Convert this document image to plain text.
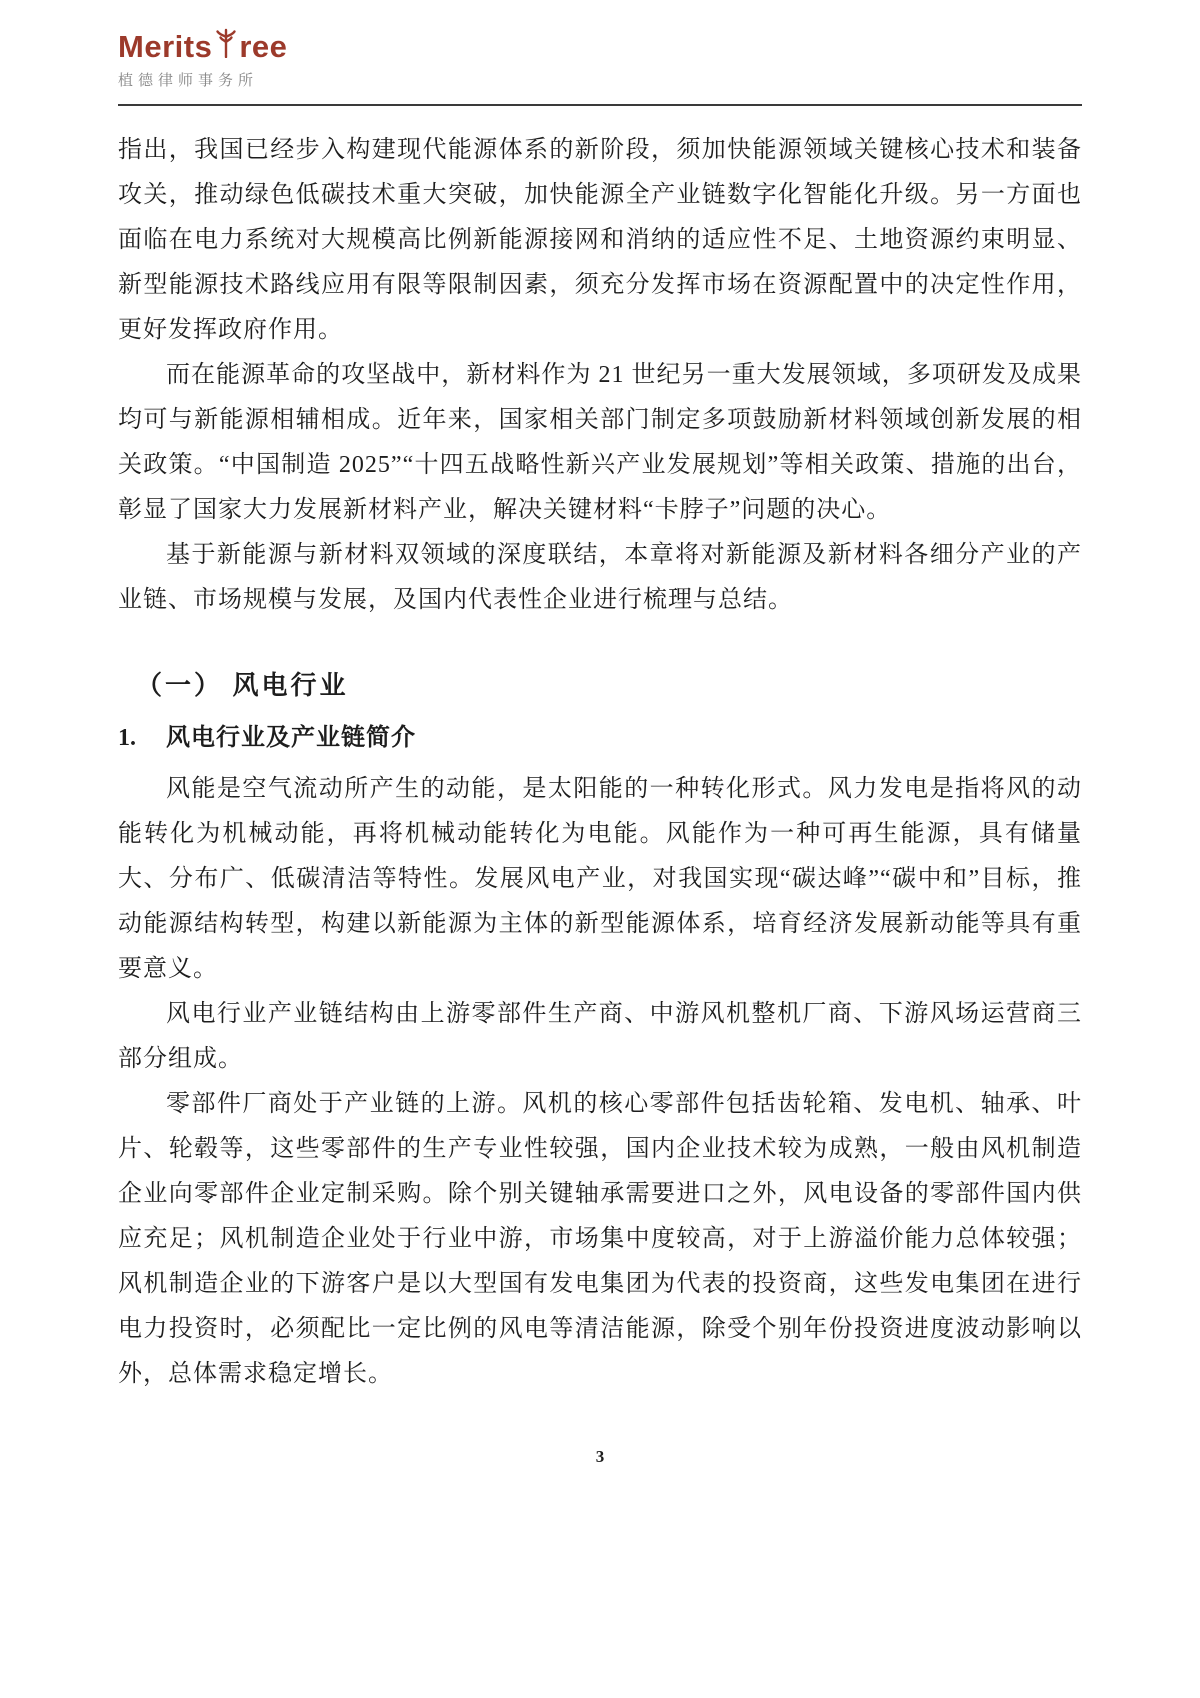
Merits ree
植德律师事务所

指出，我国已经步入构建现代能源体系的新阶段，须加快能源领域关键核心技术和装备攻关，推动绿色低碳技术重大突破，加快能源全产业链数字化智能化升级。另一方面也面临在电力系统对大规模高比例新能源接网和消纳的适应性不足、土地资源约束明显、新型能源技术路线应用有限等限制因素，须充分发挥市场在资源配置中的决定性作用，更好发挥政府作用。

而在能源革命的攻坚战中，新材料作为 21 世纪另一重大发展领域，多项研发及成果均可与新能源相辅相成。近年来，国家相关部门制定多项鼓励新材料领域创新发展的相关政策。“中国制造 2025”“十四五战略性新兴产业发展规划”等相关政策、措施的出台，彰显了国家大力发展新材料产业，解决关键材料“卡脖子”问题的决心。

基于新能源与新材料双领域的深度联结，本章将对新能源及新材料各细分产业的产业链、市场规模与发展，及国内代表性企业进行梳理与总结。

（一） 风电行业
1. 风电行业及产业链简介

风能是空气流动所产生的动能，是太阳能的一种转化形式。风力发电是指将风的动能转化为机械动能，再将机械动能转化为电能。风能作为一种可再生能源，具有储量大、分布广、低碳清洁等特性。发展风电产业，对我国实现“碳达峰”“碳中和”目标，推动能源结构转型，构建以新能源为主体的新型能源体系，培育经济发展新动能等具有重要意义。

风电行业产业链结构由上游零部件生产商、中游风机整机厂商、下游风场运营商三部分组成。

零部件厂商处于产业链的上游。风机的核心零部件包括齿轮箱、发电机、轴承、叶片、轮毂等，这些零部件的生产专业性较强，国内企业技术较为成熟，一般由风机制造企业向零部件企业定制采购。除个别关键轴承需要进口之外，风电设备的零部件国内供应充足；风机制造企业处于行业中游，市场集中度较高，对于上游溢价能力总体较强；风机制造企业的下游客户是以大型国有发电集团为代表的投资商，这些发电集团在进行电力投资时，必须配比一定比例的风电等清洁能源，除受个别年份投资进度波动影响以外，总体需求稳定增长。

3
